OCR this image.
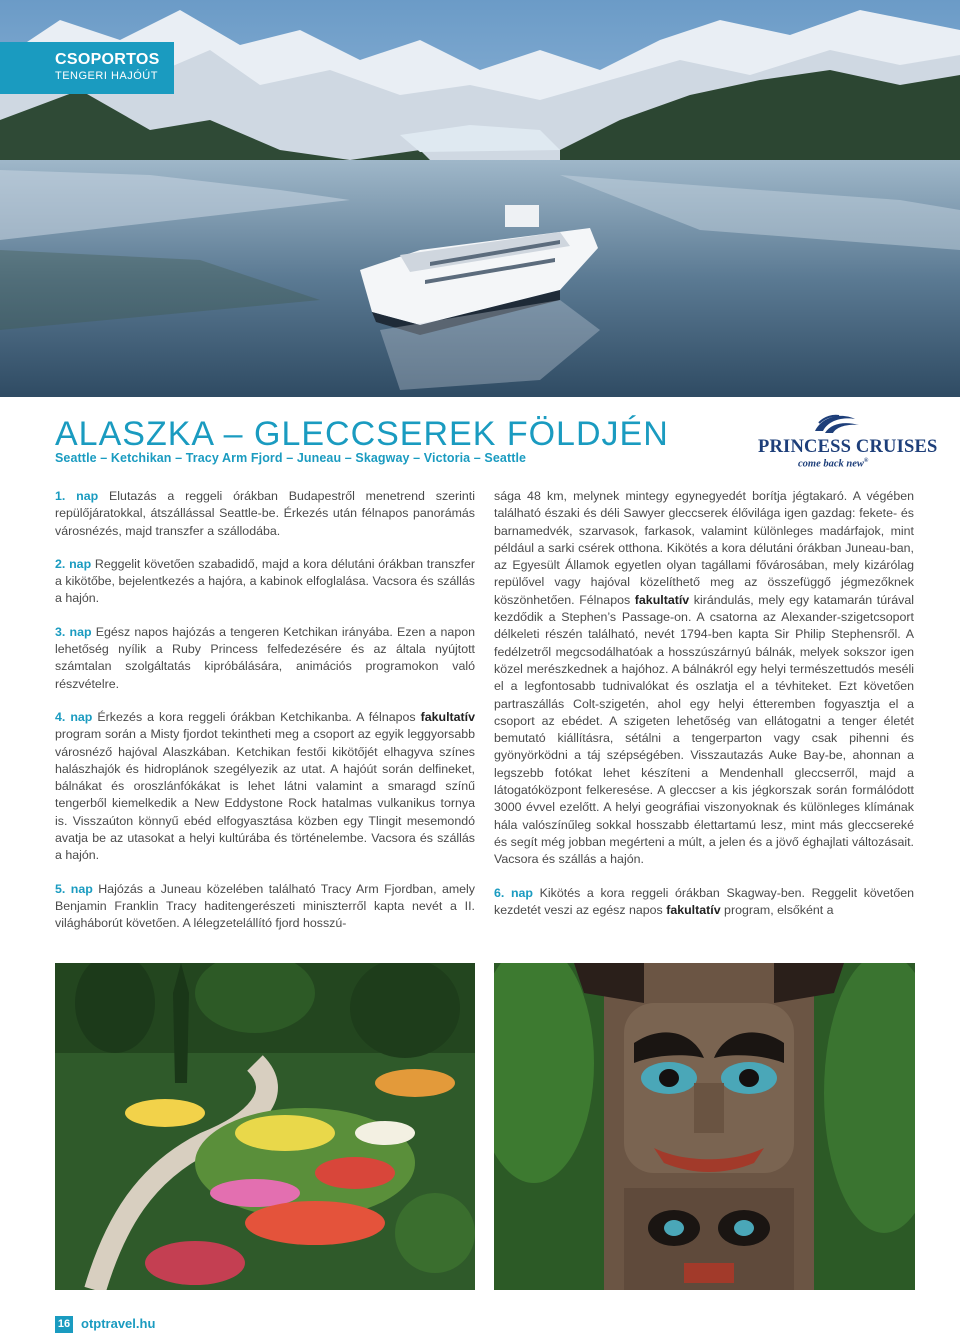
CSOPORTOS
TENGERI HAJÓÚT
ALASZKA – GLECCSEREK FÖLDJÉN
Seattle – Ketchikan – Tracy Arm Fjord – Juneau – Skagway – Victoria – Seattle
PRINCESS CRUISES
come back new®

1. nap Elutazás a reggeli órákban Budapestről menetrend szerinti repülőjáratokkal, átszállással Seattle-be. Érkezés után félnapos panorámás városnézés, majd transzfer a szállodába.

2. nap Reggelit követően szabadidő, majd a kora délutáni órákban transzfer a kikötőbe, bejelentkezés a hajóra, a kabinok elfoglalása. Vacsora és szállás a hajón.

3. nap Egész napos hajózás a tengeren Ketchikan irányába. Ezen a napon lehetőség nyílik a Ruby Princess felfedezésére és az általa nyújtott számtalan szolgáltatás kipróbálására, animációs programokon való részvételre.

4. nap Érkezés a kora reggeli órákban Ketchikanba. A félnapos fakultatív program során a Misty fjordot tekintheti meg a csoport az egyik leggyorsabb városnéző hajóval Alaszkában. Ketchikan festői kikötőjét elhagyva színes halászhajók és hidroplánok szegélyezik az utat. A hajóút során delfineket, bálnákat és oroszlánfókákat is lehet látni valamint a smaragd színű tengerből kiemelkedik a New Eddystone Rock hatalmas vulkanikus tornya is. Visszaúton könnyű ebéd elfogyasztása közben egy Tlingit mesemondó avatja be az utasokat a helyi kultúrába és történelembe. Vacsora és szállás a hajón.

5. nap Hajózás a Juneau közelében található Tracy Arm Fjordban, amely Benjamin Franklin Tracy haditengerészeti miniszterről kapta nevét a II. világháborút követően. A lélegzetelállító fjord hosszú-

sága 48 km, melynek mintegy egynegyedét borítja jégtakaró. A végében található északi és déli Sawyer gleccserek élővilága igen gazdag: fekete- és barnamedvék, szarvasok, farkasok, valamint különleges madárfajok, mint például a sarki csérek otthona. Kikötés a kora délutáni órákban Juneau-ban, az Egyesült Államok egyetlen olyan tagállami fővárosában, mely kizárólag repülővel vagy hajóval közelíthető meg az összefüggő jégmezőknek köszönhetően. Félnapos fakultatív kirándulás, mely egy katamarán túrával kezdődik a Stephen’s Passage-on. A csatorna az Alexander-szigetcsoport délkeleti részén található, nevét 1794-ben kapta Sir Philip Stephensről. A fedélzetről megcsodálhatóak a hosszúszárnyú bálnák, melyek sokszor igen közel merészkednek a hajóhoz. A bálnákról egy helyi természettudós meséli el a legfontosabb tudnivalókat és oszlatja el a tévhiteket. Ezt követően partraszállás Colt-szigetén, ahol egy helyi étteremben fogyasztja el a csoport az ebédet. A szigeten lehetőség van ellátogatni a tenger életét bemutató kiállításra, sétálni a tengerparton vagy csak pihenni és gyönyörködni a táj szépségében. Visszautazás Auke Bay-be, ahonnan a legszebb fotókat lehet készíteni a Mendenhall gleccserről, majd a látogatóközpont felkeresése. A gleccser a kis jégkorszak során formálódott 3000 évvel ezelőtt. A helyi geográfiai viszonyoknak és különleges klímának hála valószínűleg sokkal hosszabb élettartamú lesz, mint más gleccsereké és segít még jobban megérteni a múlt, a jelen és a jövő éghajlati változásait. Vacsora és szállás a hajón.

6. nap Kikötés a kora reggeli órákban Skagway-ben. Reggelit követően kezdetét veszi az egész napos fakultatív program, elsőként a

16 otptravel.hu
